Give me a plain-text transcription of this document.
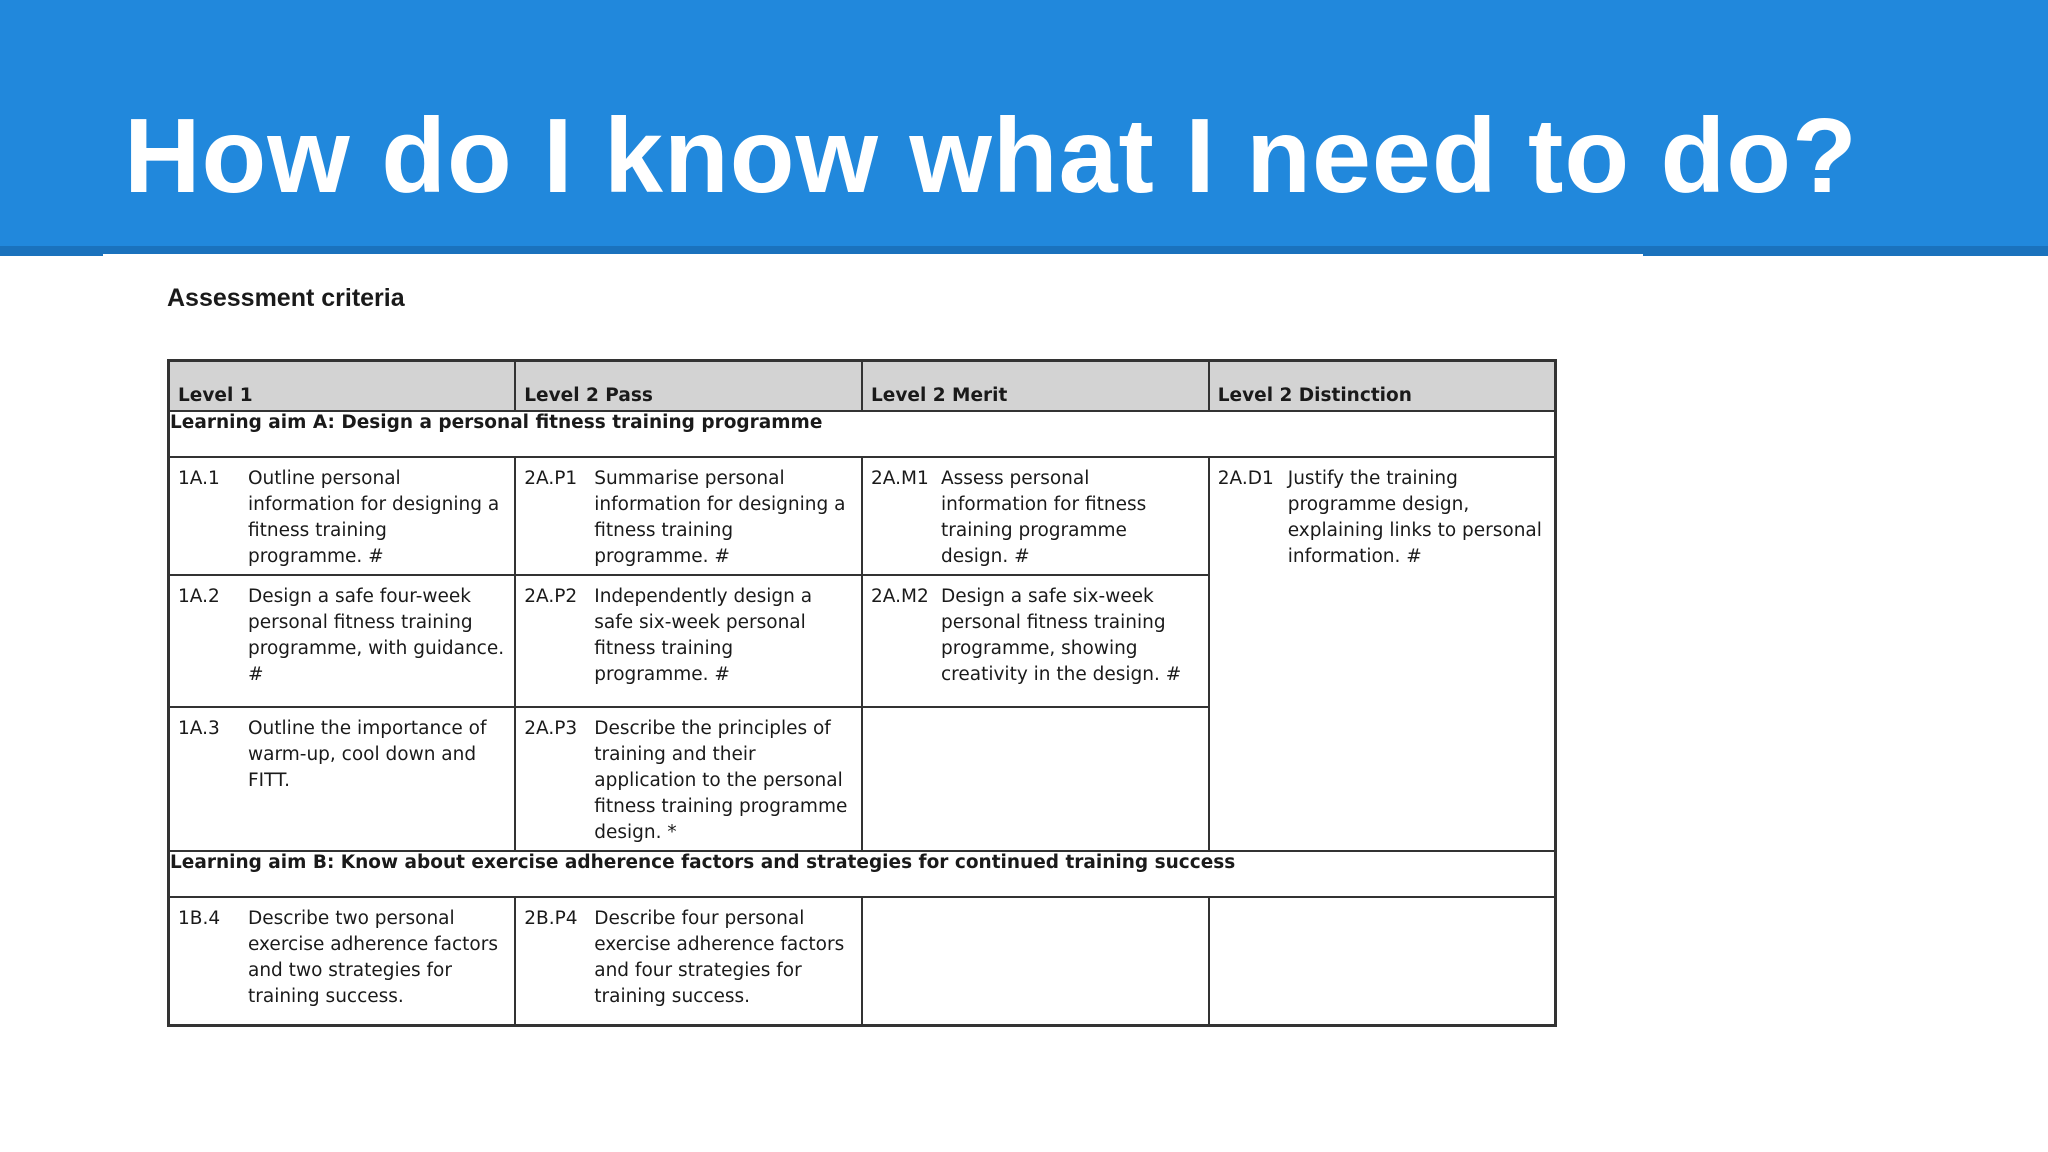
How do I know what I need to do?
Assessment criteria
Level 1	Level 2 Pass	Level 2 Merit	Level 2 Distinction
Learning aim A: Design a personal fitness training programme			

1A.1 Outline personal information for designing a fitness training programme. #	2A.P1 Summarise personal information for designing a fitness training programme. #	2A.M1 Assess personal information for fitness training programme design. #	2A.D1 Justify the training programme design, explaining links to personal information. #

1A.2 Design a safe four-week personal fitness training programme, with guidance. #	2A.P2 Independently design a safe six-week personal fitness training programme. #	2A.M2 Design a safe six-week personal fitness training programme, showing creativity in the design. #	

1A.3 Outline the importance of warm-up, cool down and FITT.	2A.P3 Describe the principles of training and their application to the personal fitness training programme design. *		

Learning aim B: Know about exercise adherence factors and strategies for continued training success			

1B.4 Describe two personal exercise adherence factors and two strategies for training success.	2B.P4 Describe four personal exercise adherence factors and four strategies for training success.		
